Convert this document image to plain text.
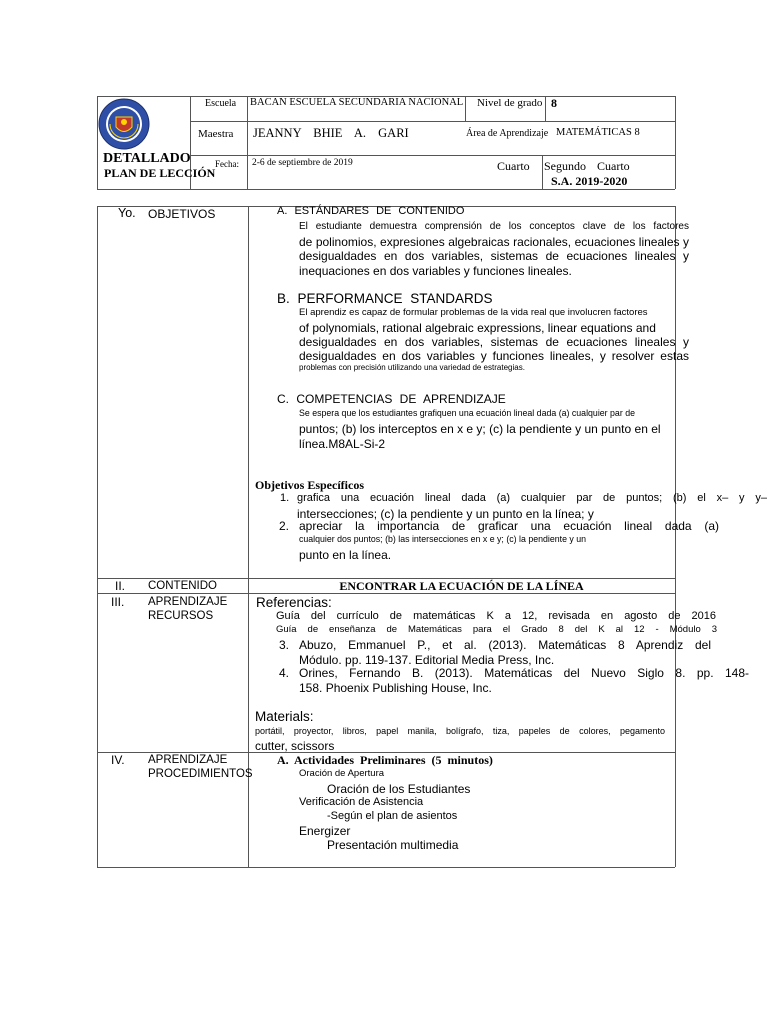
DETALLADO
PLAN DE LECCIÓN
Escuela BACAN ESCUELA SECUNDARIA NACIONAL	Nivel de grado 8
Maestra JEANNY BHIE A. GARI	Área de Aprendizaje MATEMÁTICAS 8
Fecha: 2-6 de septiembre de 2019	Cuarto Segundo Cuarto
S.A. 2019-2020
Yo. OBJETIVOS	A. ESTÁNDARES DE CONTENIDO
El estudiante demuestra comprensión de los conceptos clave de los factores
de polinomios, expresiones algebraicas racionales, ecuaciones lineales y
desigualdades en dos variables, sistemas de ecuaciones lineales y
inequaciones en dos variables y funciones lineales.
B. PERFORMANCE STANDARDS
El aprendiz es capaz de formular problemas de la vida real que involucren factores
of polynomials, rational algebraic expressions, linear equations and
desigualdades en dos variables, sistemas de ecuaciones lineales y
desigualdades en dos variables y funciones lineales, y resolver estas
problemas con precisión utilizando una variedad de estrategias.
C. COMPETENCIAS DE APRENDIZAJE
Se espera que los estudiantes grafiquen una ecuación lineal dada (a) cualquier par de
puntos; (b) los interceptos en x e y; (c) la pendiente y un punto en el
línea.M8AL-Si-2
Objetivos Específicos
1. grafica una ecuación lineal dada (a) cualquier par de puntos; (b) el x– y y–
intersecciones; (c) la pendiente y un punto en la línea; y
2. apreciar la importancia de graficar una ecuación lineal dada (a)
cualquier dos puntos; (b) las intersecciones en x e y; (c) la pendiente y un
punto en la línea.
II. CONTENIDO	ENCONTRAR LA ECUACIÓN DE LA LÍNEA
III. APRENDIZAJE
RECURSOS
Referencias:
Guía del currículo de matemáticas K a 12, revisada en agosto de 2016
Guía de enseñanza de Matemáticas para el Grado 8 del K al 12 - Módulo 3
3. Abuzo, Emmanuel P., et al. (2013). Matemáticas 8 Aprendiz del
Módulo. pp. 119-137. Editorial Media Press, Inc.
4. Orines, Fernando B. (2013). Matemáticas del Nuevo Siglo 8. pp. 148-
158. Phoenix Publishing House, Inc.
Materials:
portátil, proyector, libros, papel manila, bolígrafo, tiza, papeles de colores, pegamento
cutter, scissors
IV. APRENDIZAJE
PROCEDIMIENTOS
A. Actividades Preliminares (5 minutos)
Oración de Apertura
Oración de los Estudiantes
Verificación de Asistencia
-Según el plan de asientos
Energizer
Presentación multimedia
